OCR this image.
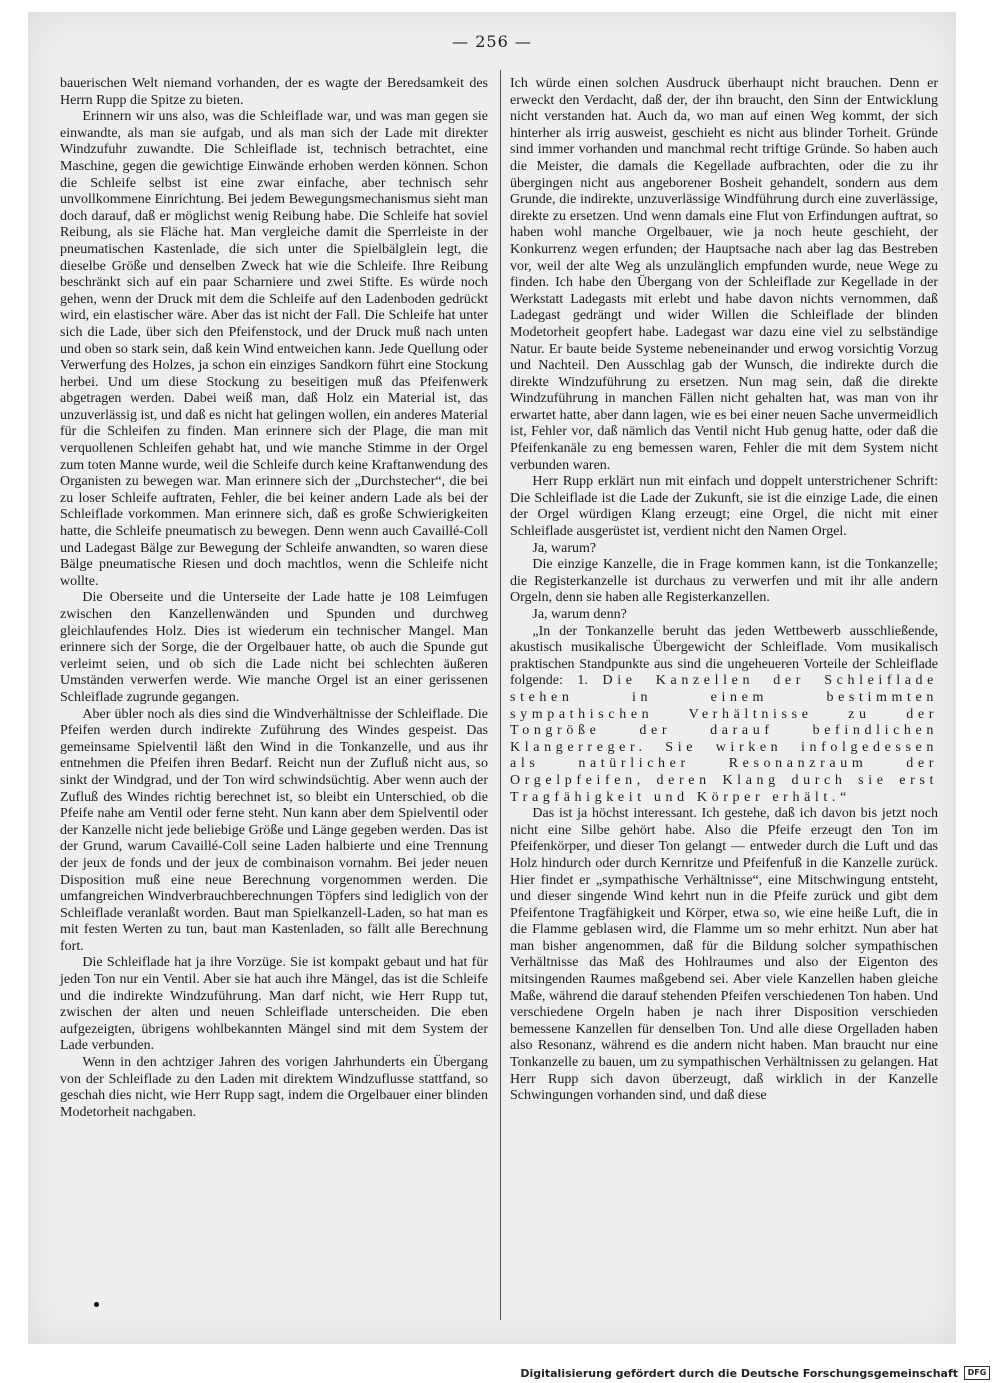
— 256 —

bauerischen Welt niemand vorhanden, der es wagte der Beredsamkeit des Herrn Rupp die Spitze zu bieten.

Erinnern wir uns also, was die Schleiflade war, und was man gegen sie einwandte, als man sie aufgab, und als man sich der Lade mit direkter Windzufuhr zuwandte. Die Schleiflade ist, technisch betrachtet, eine Maschine, gegen die gewichtige Einwände erhoben werden können. Schon die Schleife selbst ist eine zwar einfache, aber technisch sehr unvollkommene Einrichtung. Bei jedem Bewegungsmechanismus sieht man doch darauf, daß er möglichst wenig Reibung habe. Die Schleife hat soviel Reibung, als sie Fläche hat. Man vergleiche damit die Sperrleiste in der pneumatischen Kastenlade, die sich unter die Spielbälglein legt, die dieselbe Größe und denselben Zweck hat wie die Schleife. Ihre Reibung beschränkt sich auf ein paar Scharniere und zwei Stifte. Es würde noch gehen, wenn der Druck mit dem die Schleife auf den Ladenboden gedrückt wird, ein elastischer wäre. Aber das ist nicht der Fall. Die Schleife hat unter sich die Lade, über sich den Pfeifenstock, und der Druck muß nach unten und oben so stark sein, daß kein Wind entweichen kann. Jede Quellung oder Verwerfung des Holzes, ja schon ein einziges Sandkorn führt eine Stockung herbei. Und um diese Stockung zu beseitigen muß das Pfeifenwerk abgetragen werden. Dabei weiß man, daß Holz ein Material ist, das unzuverlässig ist, und daß es nicht hat gelingen wollen, ein anderes Material für die Schleifen zu finden. Man erinnere sich der Plage, die man mit verquollenen Schleifen gehabt hat, und wie manche Stimme in der Orgel zum toten Manne wurde, weil die Schleife durch keine Kraftanwendung des Organisten zu bewegen war. Man erinnere sich der „Durchstecher“, die bei zu loser Schleife auftraten, Fehler, die bei keiner andern Lade als bei der Schleiflade vorkommen. Man erinnere sich, daß es große Schwierigkeiten hatte, die Schleife pneumatisch zu bewegen. Denn wenn auch Cavaillé-Coll und Ladegast Bälge zur Bewegung der Schleife anwandten, so waren diese Bälge pneumatische Riesen und doch machtlos, wenn die Schleife nicht wollte.

Die Oberseite und die Unterseite der Lade hatte je 108 Leimfugen zwischen den Kanzellenwänden und Spunden und durchweg gleichlaufendes Holz. Dies ist wiederum ein technischer Mangel. Man erinnere sich der Sorge, die der Orgelbauer hatte, ob auch die Spunde gut verleimt seien, und ob sich die Lade nicht bei schlechten äußeren Umständen verwerfen werde. Wie manche Orgel ist an einer gerissenen Schleiflade zugrunde gegangen.

Aber übler noch als dies sind die Windverhältnisse der Schleiflade. Die Pfeifen werden durch indirekte Zuführung des Windes gespeist. Das gemeinsame Spielventil läßt den Wind in die Tonkanzelle, und aus ihr entnehmen die Pfeifen ihren Bedarf. Reicht nun der Zufluß nicht aus, so sinkt der Windgrad, und der Ton wird schwindsüchtig. Aber wenn auch der Zufluß des Windes richtig berechnet ist, so bleibt ein Unterschied, ob die Pfeife nahe am Ventil oder ferne steht. Nun kann aber dem Spielventil oder der Kanzelle nicht jede beliebige Größe und Länge gegeben werden. Das ist der Grund, warum Cavaillé-Coll seine Laden halbierte und eine Trennung der jeux de fonds und der jeux de combinaison vornahm. Bei jeder neuen Disposition muß eine neue Berechnung vorgenommen werden. Die umfangreichen Windverbrauchberechnungen Töpfers sind lediglich von der Schleiflade veranlaßt worden. Baut man Spielkanzell-Laden, so hat man es mit festen Werten zu tun, baut man Kastenladen, so fällt alle Berechnung fort.

Die Schleiflade hat ja ihre Vorzüge. Sie ist kompakt gebaut und hat für jeden Ton nur ein Ventil. Aber sie hat auch ihre Mängel, das ist die Schleife und die indirekte Windzuführung. Man darf nicht, wie Herr Rupp tut, zwischen der alten und neuen Schleiflade unterscheiden. Die eben aufgezeigten, übrigens wohlbekannten Mängel sind mit dem System der Lade verbunden.

Wenn in den achtziger Jahren des vorigen Jahrhunderts ein Übergang von der Schleiflade zu den Laden mit direktem Windzuflusse stattfand, so geschah dies nicht, wie Herr Rupp sagt, indem die Orgelbauer einer blinden Modetorheit nachgaben.

Ich würde einen solchen Ausdruck überhaupt nicht brauchen. Denn er erweckt den Verdacht, daß der, der ihn braucht, den Sinn der Entwicklung nicht verstanden hat. Auch da, wo man auf einen Weg kommt, der sich hinterher als irrig ausweist, geschieht es nicht aus blinder Torheit. Gründe sind immer vorhanden und manchmal recht triftige Gründe. So haben auch die Meister, die damals die Kegellade aufbrachten, oder die zu ihr übergingen nicht aus angeborener Bosheit gehandelt, sondern aus dem Grunde, die indirekte, unzuverlässige Windführung durch eine zuverlässige, direkte zu ersetzen. Und wenn damals eine Flut von Erfindungen auftrat, so haben wohl manche Orgelbauer, wie ja noch heute geschieht, der Konkurrenz wegen erfunden; der Hauptsache nach aber lag das Bestreben vor, weil der alte Weg als unzulänglich empfunden wurde, neue Wege zu finden. Ich habe den Übergang von der Schleiflade zur Kegellade in der Werkstatt Ladegasts mit erlebt und habe davon nichts vernommen, daß Ladegast gedrängt und wider Willen die Schleiflade der blinden Modetorheit geopfert habe. Ladegast war dazu eine viel zu selbständige Natur. Er baute beide Systeme nebeneinander und erwog vorsichtig Vorzug und Nachteil. Den Ausschlag gab der Wunsch, die indirekte durch die direkte Windzuführung zu ersetzen. Nun mag sein, daß die direkte Windzuführung in manchen Fällen nicht gehalten hat, was man von ihr erwartet hatte, aber dann lagen, wie es bei einer neuen Sache unvermeidlich ist, Fehler vor, daß nämlich das Ventil nicht Hub genug hatte, oder daß die Pfeifenkanäle zu eng bemessen waren, Fehler die mit dem System nicht verbunden waren.

Herr Rupp erklärt nun mit einfach und doppelt unterstrichener Schrift: Die Schleiflade ist die Lade der Zukunft, sie ist die einzige Lade, die einen der Orgel würdigen Klang erzeugt; eine Orgel, die nicht mit einer Schleiflade ausgerüstet ist, verdient nicht den Namen Orgel.

Ja, warum?

Die einzige Kanzelle, die in Frage kommen kann, ist die Tonkanzelle; die Registerkanzelle ist durchaus zu verwerfen und mit ihr alle andern Orgeln, denn sie haben alle Registerkanzellen.

Ja, warum denn?

„In der Tonkanzelle beruht das jeden Wettbewerb ausschließende, akustisch musikalische Übergewicht der Schleiflade. Vom musikalisch praktischen Standpunkte aus sind die ungeheueren Vorteile der Schleiflade folgende: 1. Die Kanzellen der Schleiflade stehen in einem bestimmten sympathischen Verhältnisse zu der Tongröße der darauf befindlichen Klangerreger. Sie wirken infolgedessen als natürlicher Resonanzraum der Orgelpfeifen, deren Klang durch sie erst Tragfähigkeit und Körper erhält.“

Das ist ja höchst interessant. Ich gestehe, daß ich davon bis jetzt noch nicht eine Silbe gehört habe. Also die Pfeife erzeugt den Ton im Pfeifenkörper, und dieser Ton gelangt — entweder durch die Luft und das Holz hindurch oder durch Kernritze und Pfeifenfuß in die Kanzelle zurück. Hier findet er „sympathische Verhältnisse“, eine Mitschwingung entsteht, und dieser singende Wind kehrt nun in die Pfeife zurück und gibt dem Pfeifentone Tragfähigkeit und Körper, etwa so, wie eine heiße Luft, die in die Flamme geblasen wird, die Flamme um so mehr erhitzt. Nun aber hat man bisher angenommen, daß für die Bildung solcher sympathischen Verhältnisse das Maß des Hohlraumes und also der Eigenton des mitsingenden Raumes maßgebend sei. Aber viele Kanzellen haben gleiche Maße, während die darauf stehenden Pfeifen verschiedenen Ton haben. Und verschiedene Orgeln haben je nach ihrer Disposition verschieden bemessene Kanzellen für denselben Ton. Und alle diese Orgelladen haben also Resonanz, während es die andern nicht haben. Man braucht nur eine Tonkanzelle zu bauen, um zu sympathischen Verhältnissen zu gelangen. Hat Herr Rupp sich davon überzeugt, daß wirklich in der Kanzelle Schwingungen vorhanden sind, und daß diese

Digitalisierung gefördert durch die Deutsche Forschungsgemeinschaft	DFG
